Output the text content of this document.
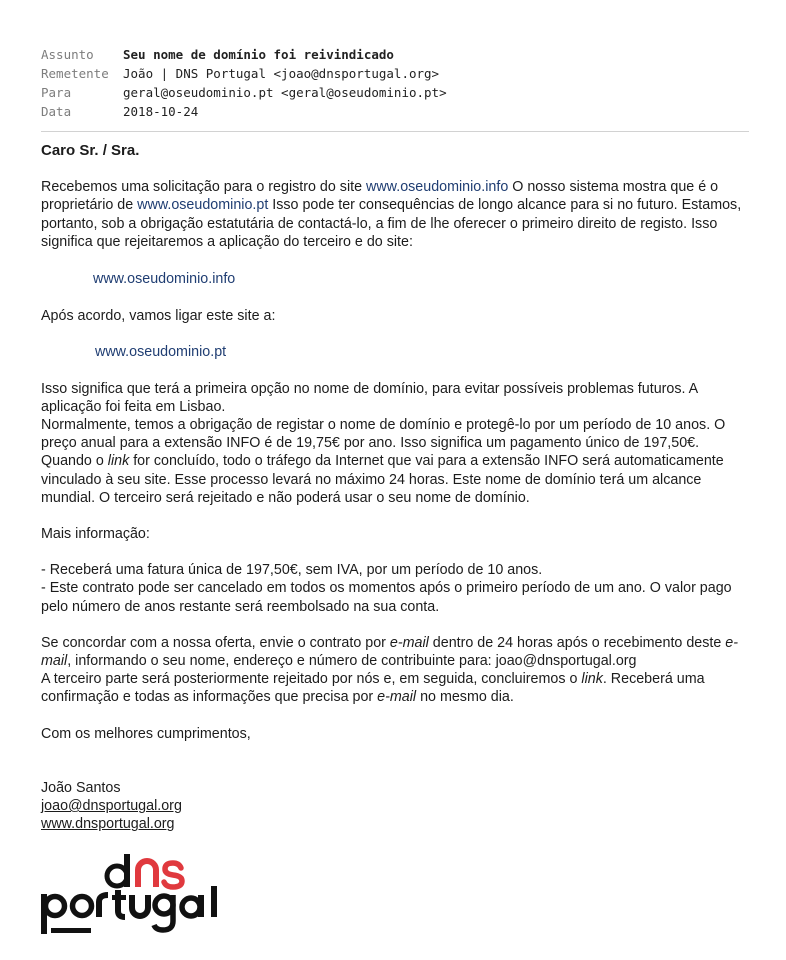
Assunto	Seu nome de domínio foi reivindicado
Remetente	João | DNS Portugal <joao@dnsportugal.org>
Para	geral@oseudominio.pt <geral@oseudominio.pt>
Data	2018-10-24

Caro Sr. / Sra.

Recebemos uma solicitação para o registro do site www.oseudominio.info O nosso sistema mostra que é o proprietário de www.oseudominio.pt Isso pode ter consequências de longo alcance para si no futuro. Estamos, portanto, sob a obrigação estatutária de contactá-lo, a fim de lhe oferecer o primeiro direito de registo. Isso significa que rejeitaremos a aplicação do terceiro e do site:

www.oseudominio.info

Após acordo, vamos ligar este site a:

www.oseudominio.pt

Isso significa que terá a primeira opção no nome de domínio, para evitar possíveis problemas futuros. A aplicação foi feita em Lisbao.

Normalmente, temos a obrigação de registar o nome de domínio e protegê-lo por um período de 10 anos. O preço anual para a extensão INFO é de 19,75€ por ano. Isso significa um pagamento único de 197,50€. Quando o link for concluído, todo o tráfego da Internet que vai para a extensão INFO será automaticamente vinculado à seu site. Esse processo levará no máximo 24 horas. Este nome de domínio terá um alcance mundial. O terceiro será rejeitado e não poderá usar o seu nome de domínio.

Mais informação:

- Receberá uma fatura única de 197,50€, sem IVA, por um período de 10 anos.

- Este contrato pode ser cancelado em todos os momentos após o primeiro período de um ano. O valor pago pelo número de anos restante será reembolsado na sua conta.

Se concordar com a nossa oferta, envie o contrato por e-mail dentro de 24 horas após o recebimento deste e-mail, informando o seu nome, endereço e número de contribuinte para: joao@dnsportugal.org

A terceiro parte será posteriormente rejeitado por nós e, em seguida, concluiremos o link. Receberá uma confirmação e todas as informações que precisa por e-mail no mesmo dia.

Com os melhores cumprimentos,

João Santos

joao@dnsportugal.org

www.dnsportugal.org
